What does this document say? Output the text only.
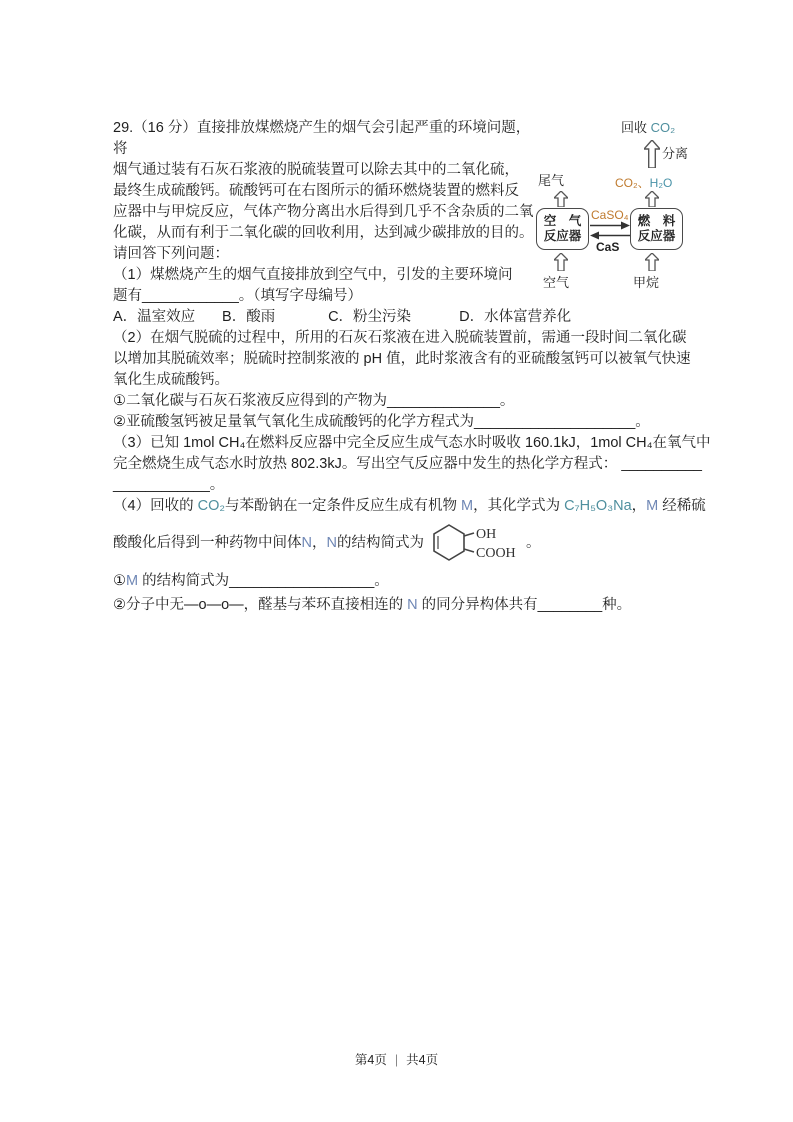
回收 CO₂
分离
CO₂、H₂O
尾气
空　气
反应器
燃　料
反应器
CaSO₄
CaS
空气	甲烷
29.（16 分）直接排放煤燃烧产生的烟气会引起严重的环境问题，
将
烟气通过装有石灰石浆液的脱硫装置可以除去其中的二氧化硫，
最终生成硫酸钙。硫酸钙可在右图所示的循环燃烧装置的燃料反
应器中与甲烷反应，气体产物分离出水后得到几乎不含杂质的二氧
化碳，从而有利于二氧化碳的回收利用，达到减少碳排放的目的。
请回答下列问题：
（1）煤燃烧产生的烟气直接排放到空气中，引发的主要环境问
题有____________。（填写字母编号）
A．温室效应 B．酸雨	C．粉尘污染	D．水体富营养化
（2）在烟气脱硫的过程中，所用的石灰石浆液在进入脱硫装置前，需通一段时间二氧化碳
以增加其脱硫效率；脱硫时控制浆液的 pH 值，此时浆液含有的亚硫酸氢钙可以被氧气快速
氧化生成硫酸钙。
①二氧化碳与石灰石浆液反应得到的产物为______________。
②亚硫酸氢钙被足量氧气氧化生成硫酸钙的化学方程式为____________________。
（3）已知 1mol CH₄在燃料反应器中完全反应生成气态水时吸收 160.1kJ，1mol CH₄在氧气中
完全燃烧生成气态水时放热 802.3kJ。写出空气反应器中发生的热化学方程式： __________
____________。
（4）回收的 CO₂与苯酚钠在一定条件反应生成有机物 M，其化学式为 C₇H₅O₃Na，M 经稀硫
酸酸化后得到一种药物中间体 N ， N 的结构简式为	OH
COOH
。
①M 的结构简式为__________________。
②分子中无—o—o—，醛基与苯环直接相连的 N 的同分异构体共有________种。
第4页 | 共4页
